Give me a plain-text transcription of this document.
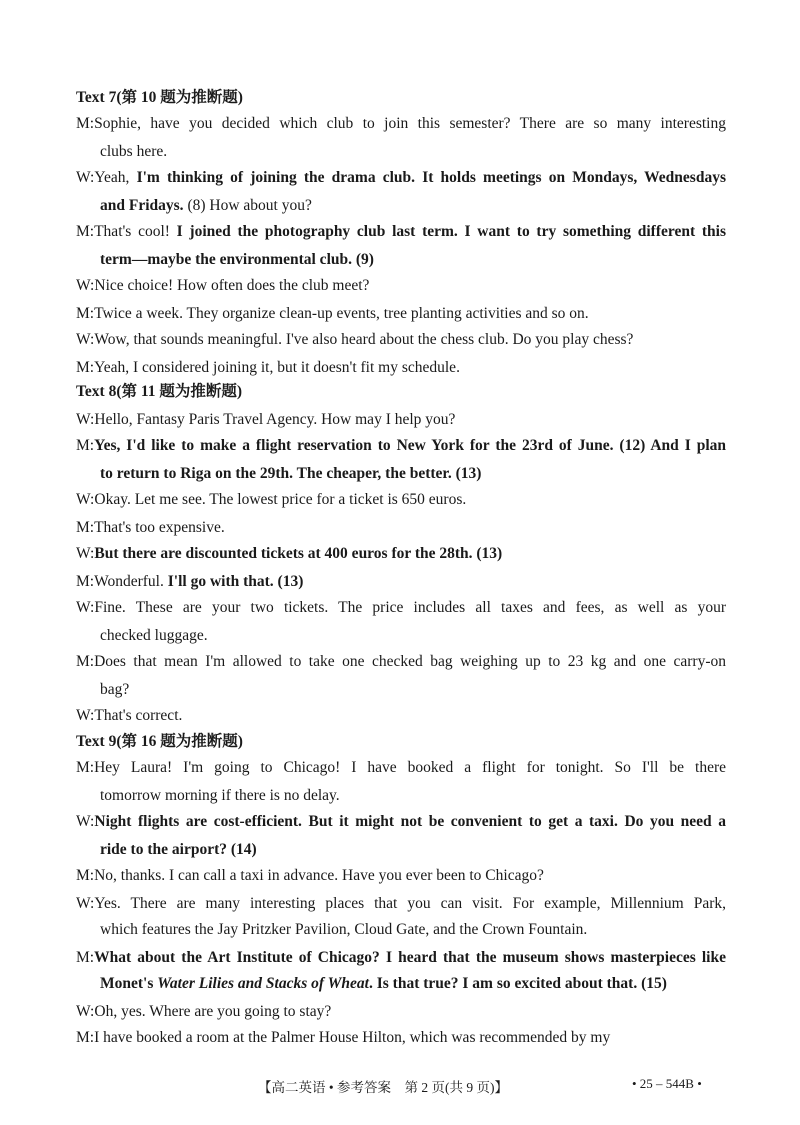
Text 7(第 10 题为推断题)
M:Sophie, have you decided which club to join this semester? There are so many interesting
clubs here.
W:Yeah, I'm thinking of joining the drama club. It holds meetings on Mondays, Wednesdays
and Fridays. (8) How about you?
M:That's cool! I joined the photography club last term. I want to try something different this
term—maybe the environmental club. (9)
W:Nice choice! How often does the club meet?
M:Twice a week. They organize clean-up events, tree planting activities and so on.
W:Wow, that sounds meaningful. I've also heard about the chess club. Do you play chess?
M:Yeah, I considered joining it, but it doesn't fit my schedule.
Text 8(第 11 题为推断题)
W:Hello, Fantasy Paris Travel Agency. How may I help you?
M:Yes, I'd like to make a flight reservation to New York for the 23rd of June. (12) And I plan
to return to Riga on the 29th. The cheaper, the better. (13)
W:Okay. Let me see. The lowest price for a ticket is 650 euros.
M:That's too expensive.
W:But there are discounted tickets at 400 euros for the 28th. (13)
M:Wonderful. I'll go with that. (13)
W:Fine. These are your two tickets. The price includes all taxes and fees, as well as your
checked luggage.
M:Does that mean I'm allowed to take one checked bag weighing up to 23 kg and one carry-on
bag?
W:That's correct.
Text 9(第 16 题为推断题)
M:Hey Laura! I'm going to Chicago! I have booked a flight for tonight. So I'll be there
tomorrow morning if there is no delay.
W:Night flights are cost-efficient. But it might not be convenient to get a taxi. Do you need a
ride to the airport? (14)
M:No, thanks. I can call a taxi in advance. Have you ever been to Chicago?
W:Yes. There are many interesting places that you can visit. For example, Millennium Park,
which features the Jay Pritzker Pavilion, Cloud Gate, and the Crown Fountain.
M:What about the Art Institute of Chicago? I heard that the museum shows masterpieces like
Monet's Water Lilies and Stacks of Wheat. Is that true? I am so excited about that. (15)
W:Oh, yes. Where are you going to stay?
M:I have booked a room at the Palmer House Hilton, which was recommended by my
【高二英语 • 参考答案　第 2 页(共 9 页)】	• 25 – 544B •
